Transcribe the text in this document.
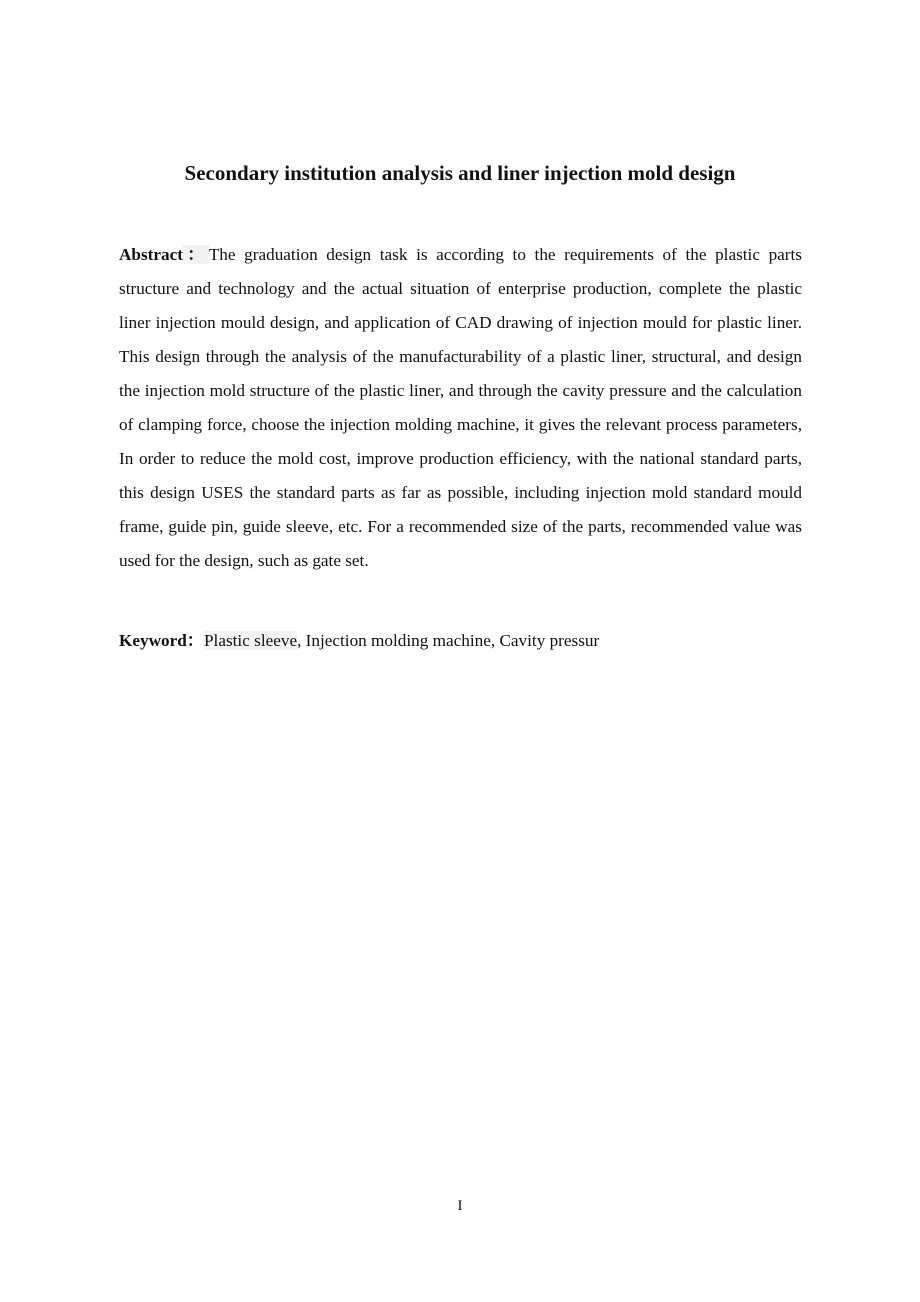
Secondary institution analysis and liner injection mold design

Abstract：The graduation design task is according to the requirements of the plastic parts structure and technology and the actual situation of enterprise production, complete the plastic liner injection mould design, and application of CAD drawing of injection mould for plastic liner. This design through the analysis of the manufacturability of a plastic liner, structural, and design the injection mold structure of the plastic liner, and through the cavity pressure and the calculation of clamping force, choose the injection molding machine, it gives the relevant process parameters, In order to reduce the mold cost, improve production efficiency, with the national standard parts, this design USES the standard parts as far as possible, including injection mold standard mould frame, guide pin, guide sleeve, etc. For a recommended size of the parts, recommended value was used for the design, such as gate set.

Keyword：Plastic sleeve, Injection molding machine, Cavity pressur

I
